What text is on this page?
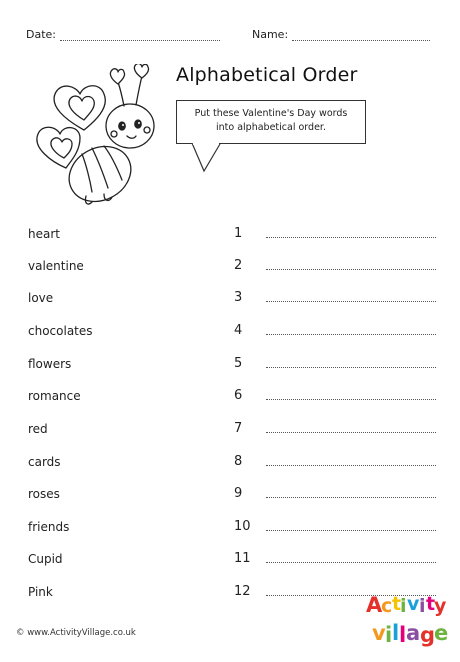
Date:	Name:
Alphabetical Order
Put these Valentine's Day words
into alphabetical order.
heart	1
valentine	2
love	3
chocolates	4
flowers	5
romance	6
red	7
cards	8
roses	9
friends	10
Cupid	11
Pink	12
© www.ActivityVillage.co.uk
A
c t
i v i t
y
v i l l a g
e
